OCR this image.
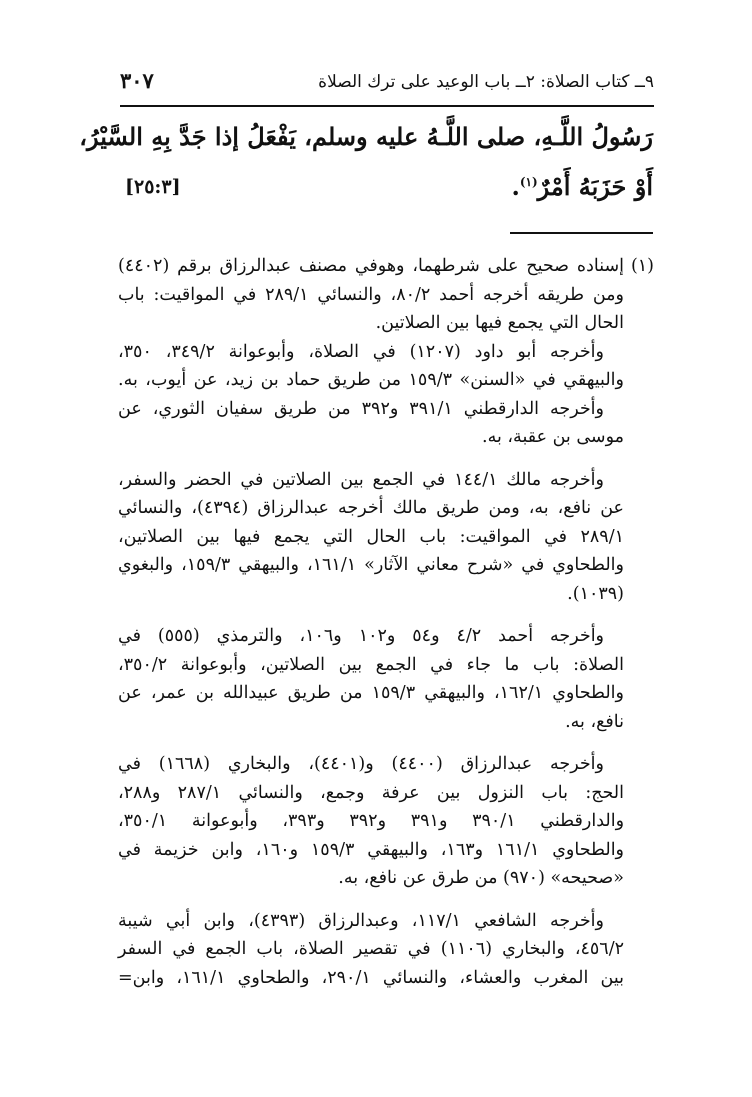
٩ــ كتاب الصلاة: ٢ــ باب الوعيد على ترك الصلاة
٣٠٧
رَسُولُ اللَّـهِ، صلى اللَّـهُ عليه وسلم، يَفْعَلُ إذا جَدَّ بِهِ السَّيْرُ،
أَوْ حَزَبَهُ أَمْرٌ$^{(١)}$.
[٢٥:٣]
(١)
إسناده صحيح على شرطهما، وهوفي مصنف عبدالرزاق برقم (٤٤٠٢)
ومن طريقه أخرجه أحمد ٨٠/٢، والنسائي ٢٨٩/١ في المواقيت: باب
الحال التي يجمع فيها بين الصلاتين.
وأخرجه أبو داود (١٢٠٧) في الصلاة، وأبوعوانة ٣٤٩/٢، ٣٥٠،
والبيهقي في «السنن» ١٥٩/٣ من طريق حماد بن زيد، عن أيوب، به.
وأخرجه الدارقطني ٣٩١/١ و٣٩٢ من طريق سفيان الثوري، عن
موسى بن عقبة، به.
وأخرجه مالك ١٤٤/١ في الجمع بين الصلاتين في الحضر والسفر،
عن نافع، به، ومن طريق مالك أخرجه عبدالرزاق (٤٣٩٤)، والنسائي
٢٨٩/١ في المواقيت: باب الحال التي يجمع فيها بين الصلاتين،
والطحاوي في «شرح معاني الآثار» ١٦١/١، والبيهقي ١٥٩/٣، والبغوي
(١٠٣٩).
وأخرجه أحمد ٤/٢ و٥٤ و١٠٢ و١٠٦، والترمذي (٥٥٥) في
الصلاة: باب ما جاء في الجمع بين الصلاتين، وأبوعوانة ٣٥٠/٢،
والطحاوي ١٦٢/١، والبيهقي ١٥٩/٣ من طريق عبيدالله بن عمر، عن
نافع، به.
وأخرجه عبدالرزاق (٤٤٠٠) و(٤٤٠١)، والبخاري (١٦٦٨) في
الحج: باب النزول بين عرفة وجمع، والنسائي ٢٨٧/١ و٢٨٨،
والدارقطني ٣٩٠/١ و٣٩١ و٣٩٢ و٣٩٣، وأبوعوانة ٣٥٠/١،
والطحاوي ١٦١/١ و١٦٣، والبيهقي ١٥٩/٣ و١٦٠، وابن خزيمة في
«صحيحه» (٩٧٠) من طرق عن نافع، به.
وأخرجه الشافعي ١١٧/١، وعبدالرزاق (٤٣٩٣)، وابن أبي شيبة
٤٥٦/٢، والبخاري (١١٠٦) في تقصير الصلاة، باب الجمع في السفر
بين المغرب والعشاء، والنسائي ٢٩٠/١، والطحاوي ١٦١/١، وابن=
